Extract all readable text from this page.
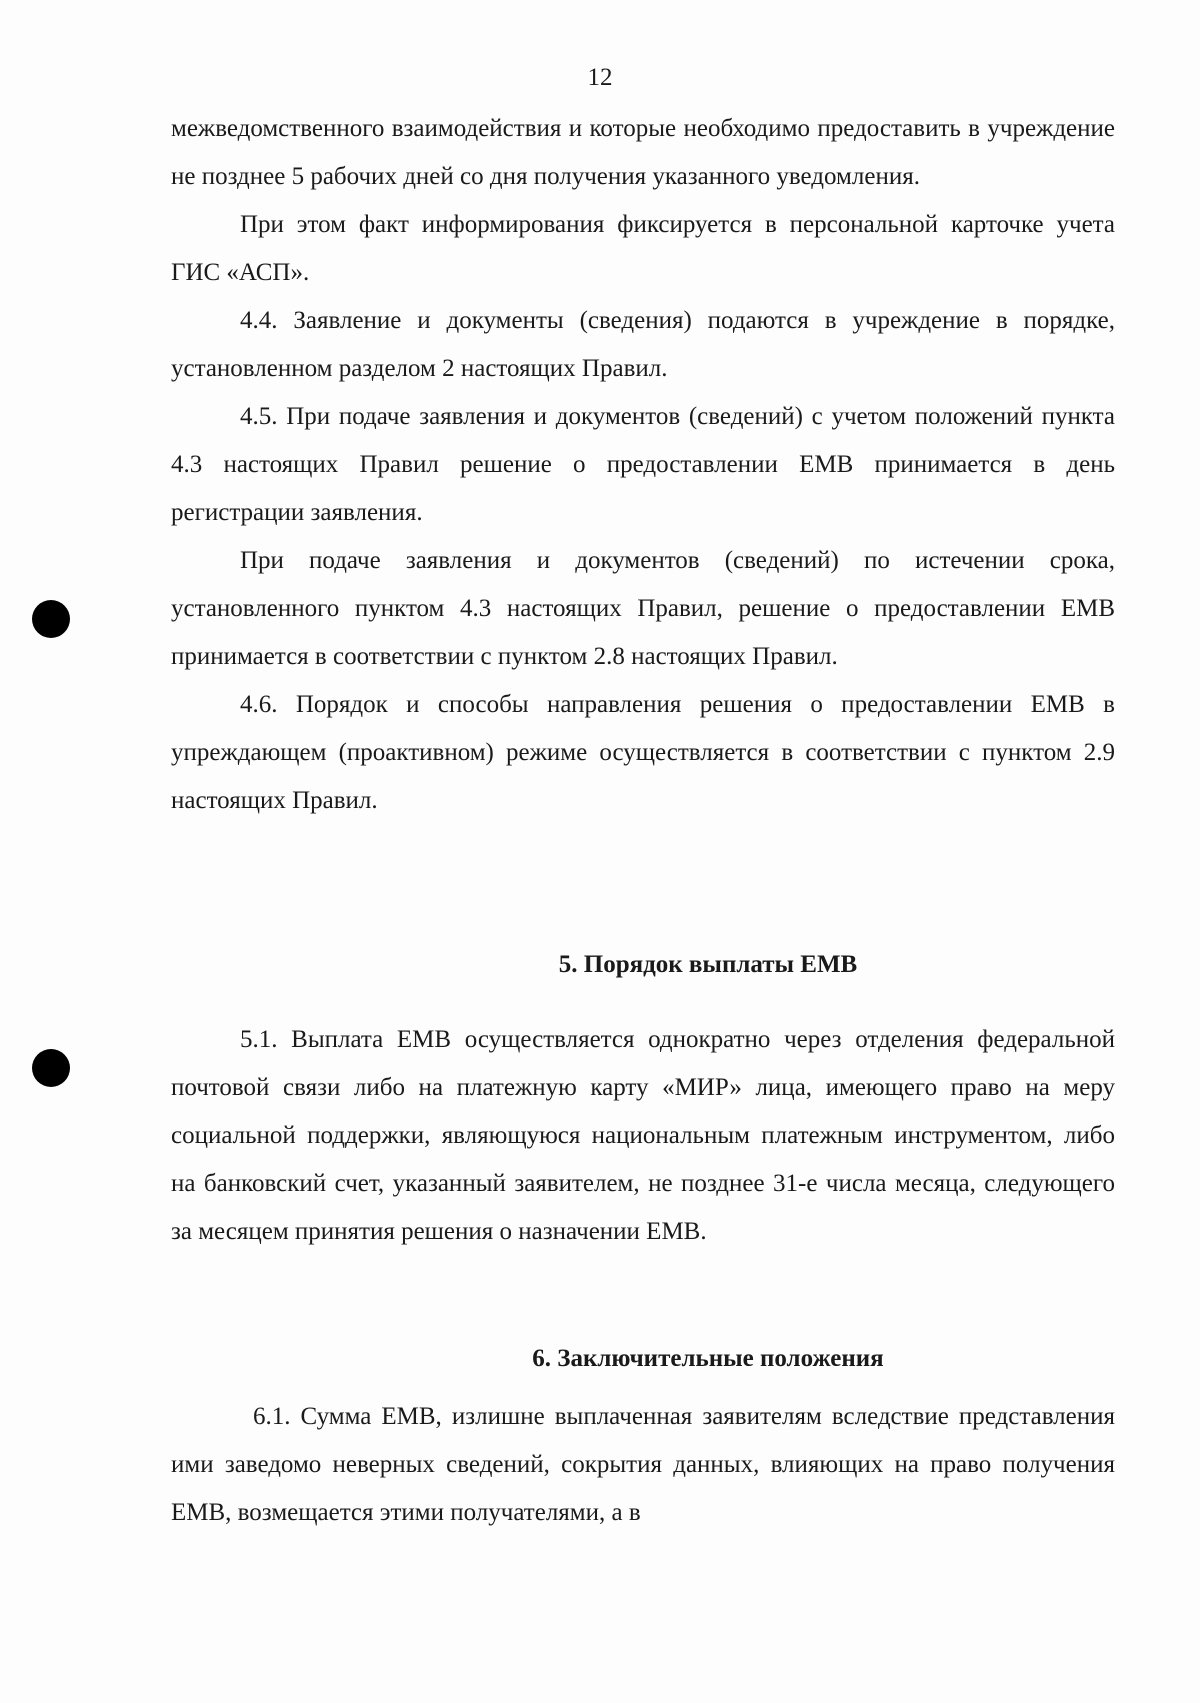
12

межведомственного взаимодействия и которые необходимо предоставить в учреждение не позднее 5 рабочих дней со дня получения указанного уведомления.

При этом факт информирования фиксируется в персональной карточке учета ГИС «АСП».

4.4. Заявление и документы (сведения) подаются в учреждение в порядке, установленном разделом 2 настоящих Правил.

4.5. При подаче заявления и документов (сведений) с учетом положений пункта 4.3 настоящих Правил решение о предоставлении ЕМВ принимается в день регистрации заявления.

При подаче заявления и документов (сведений) по истечении срока, установленного пунктом 4.3 настоящих Правил, решение о предоставлении ЕМВ принимается в соответствии с пунктом 2.8 настоящих Правил.

4.6. Порядок и способы направления решения о предоставлении ЕМВ в упреждающем (проактивном) режиме осуществляется в соответствии с пунктом 2.9 настоящих Правил.

5. Порядок выплаты ЕМВ

5.1. Выплата ЕМВ осуществляется однократно через отделения федеральной почтовой связи либо на платежную карту «МИР» лица, имеющего право на меру социальной поддержки, являющуюся национальным платежным инструментом, либо на банковский счет, указанный заявителем, не позднее 31-е числа месяца, следующего за месяцем принятия решения о назначении ЕМВ.

6. Заключительные положения

6.1. Сумма ЕМВ, излишне выплаченная заявителям вследствие представления ими заведомо неверных сведений, сокрытия данных, влияющих на право получения ЕМВ, возмещается этими получателями, а в
